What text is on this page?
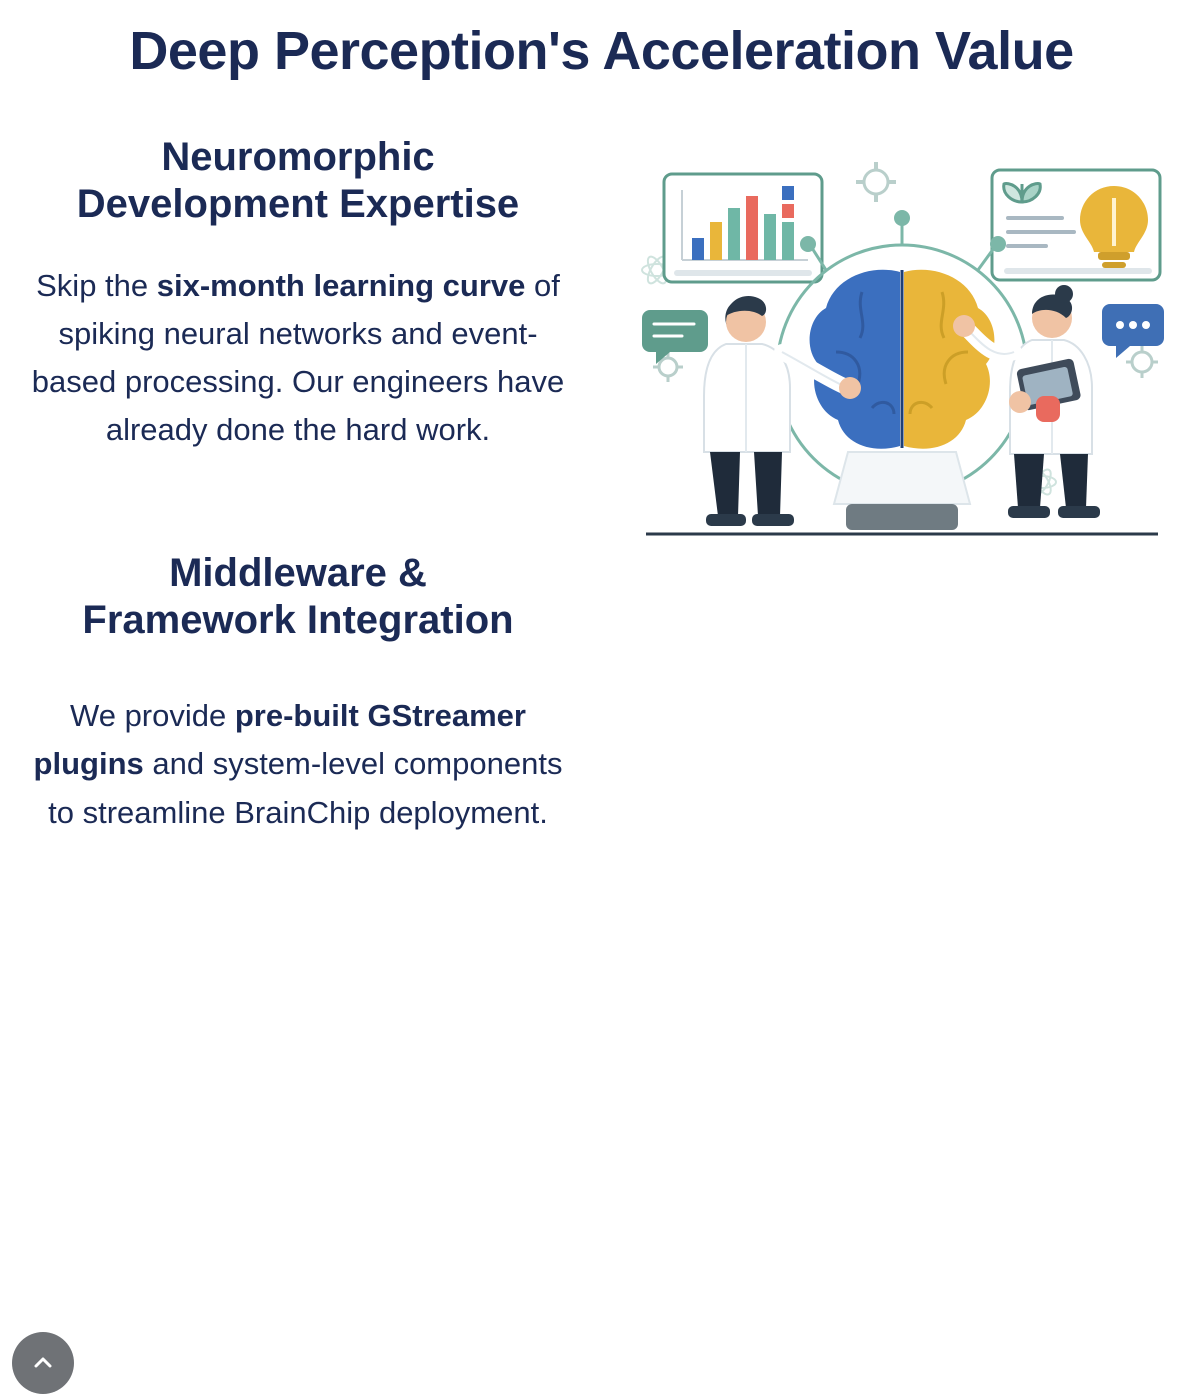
Deep Perception's Acceleration Value
Neuromorphic Development Expertise

Skip the six-month learning curve of spiking neural networks and event-based processing. Our engineers have already done the hard work.

Middleware & Framework Integration

We provide pre-built GStreamer plugins and system-level components to streamline BrainChip deployment.
